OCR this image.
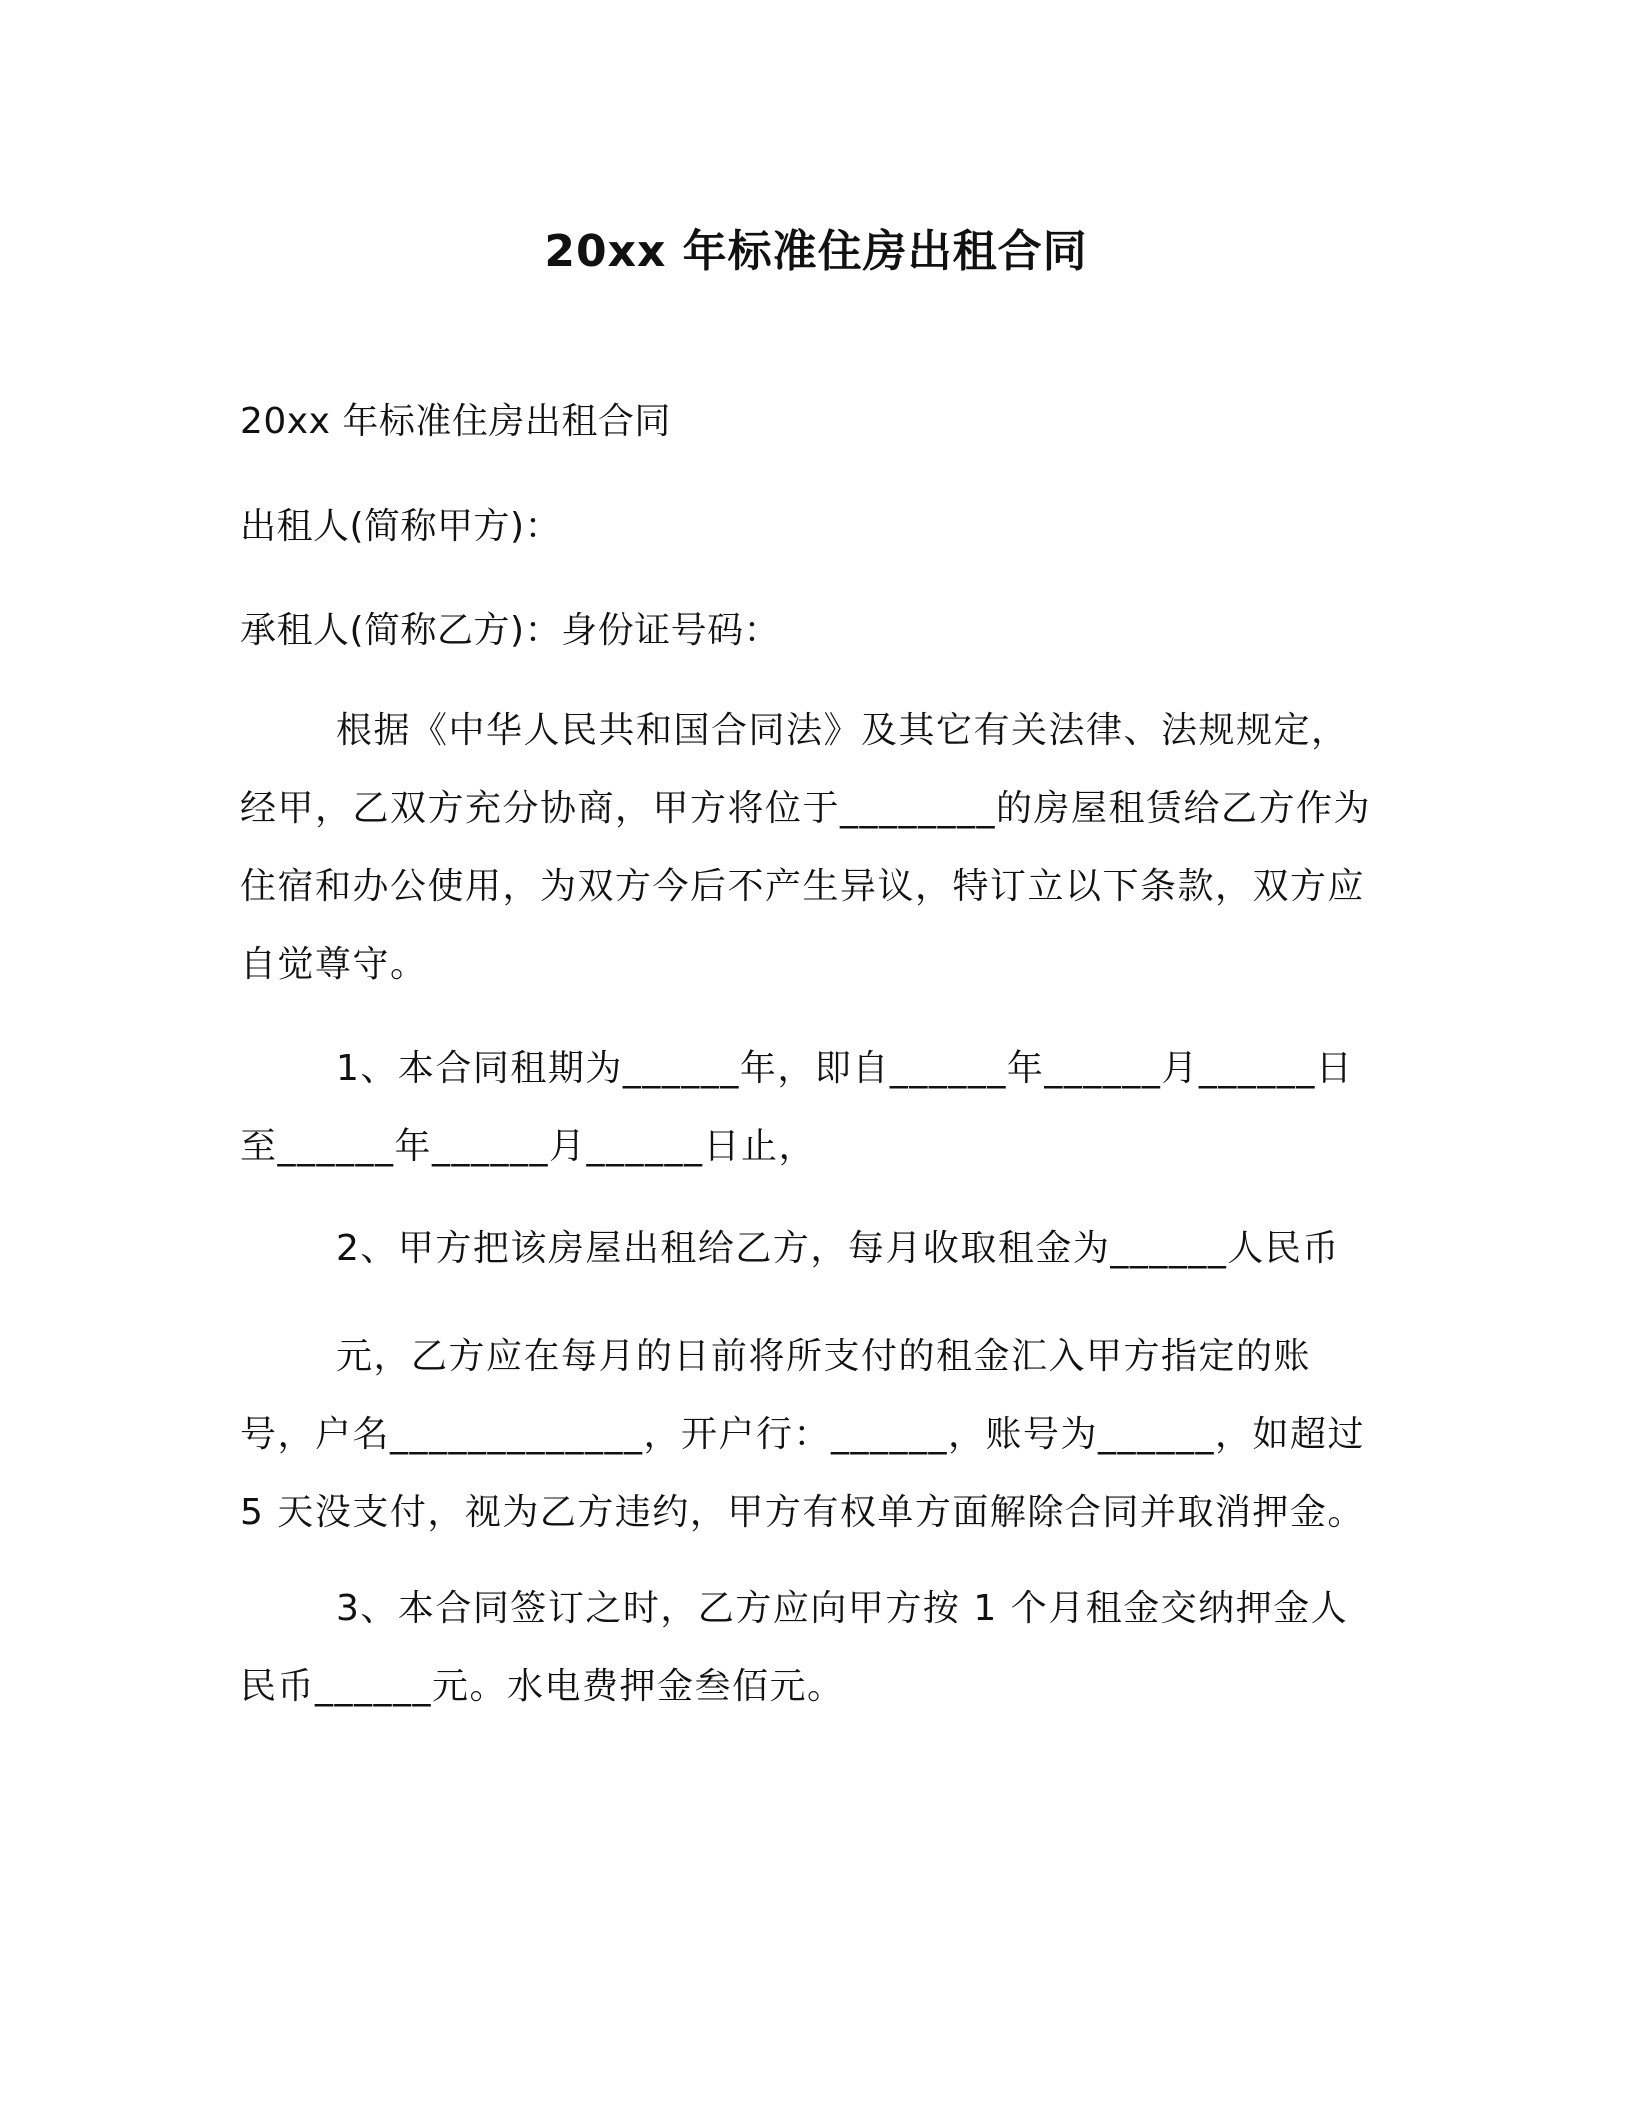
20xx 年标准住房出租合同
20xx 年标准住房出租合同
出租人(简称甲方)：
承租人(简称乙方)：身份证号码：
根据《中华人民共和国合同法》及其它有关法律、法规规定，经甲，乙双方充分协商，甲方将位于________的房屋租赁给乙方作为住宿和办公使用，为双方今后不产生异议，特订立以下条款，双方应自觉尊守。
1、本合同租期为______年，即自______年______月______日至______年______月______日止，
2、甲方把该房屋出租给乙方，每月收取租金为______人民币
元，乙方应在每月的日前将所支付的租金汇入甲方指定的账号，户名_____________，开户行：______，账号为______，如超过 5 天没支付，视为乙方违约，甲方有权单方面解除合同并取消押金。
3、本合同签订之时，乙方应向甲方按 1 个月租金交纳押金人民币______元。水电费押金叁佰元。
